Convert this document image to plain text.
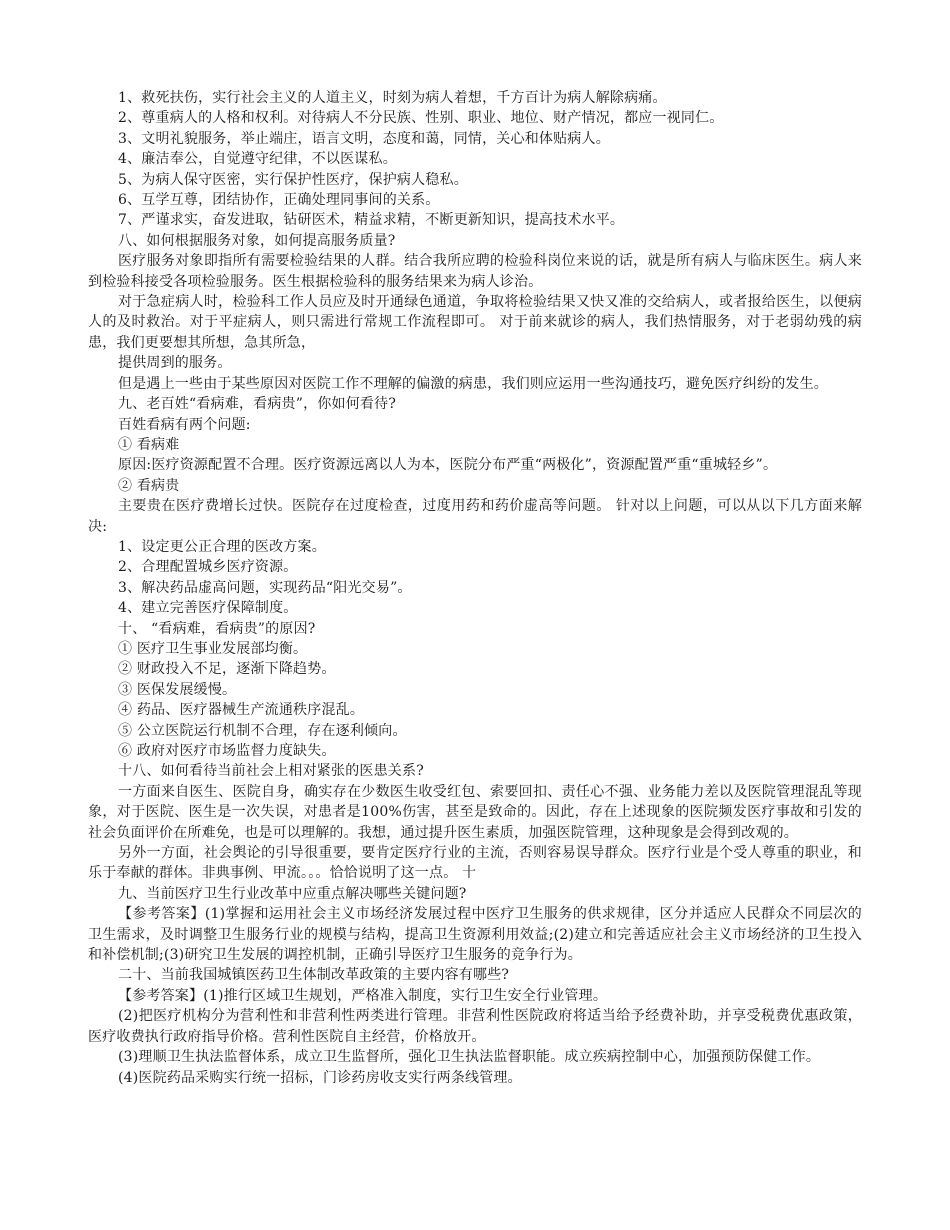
1、救死扶伤，实行社会主义的人道主义，时刻为病人着想，千方百计为病人解除病痛。

2、尊重病人的人格和权利。对待病人不分民族、性别、职业、地位、财产情况，都应一视同仁。

3、文明礼貌服务，举止端庄，语言文明，态度和蔼，同情，关心和体贴病人。

4、廉洁奉公，自觉遵守纪律，不以医谋私。

5、为病人保守医密，实行保护性医疗，保护病人稳私。

6、互学互尊，团结协作，正确处理同事间的关系。

7、严谨求实，奋发进取，钻研医术，精益求精，不断更新知识，提高技术水平。

八、如何根据服务对象，如何提高服务质量?

医疗服务对象即指所有需要检验结果的人群。结合我所应聘的检验科岗位来说的话，就是所有病人与临床医生。病人来到检验科接受各项检验服务。医生根据检验科的服务结果来为病人诊治。

对于急症病人时，检验科工作人员应及时开通绿色通道，争取将检验结果又快又准的交给病人，或者报给医生，以便病人的及时救治。对于平症病人，则只需进行常规工作流程即可。 对于前来就诊的病人，我们热情服务，对于老弱幼残的病患，我们更要想其所想，急其所急，

提供周到的服务。

但是遇上一些由于某些原因对医院工作不理解的偏激的病患，我们则应运用一些沟通技巧，避免医疗纠纷的发生。

九、老百姓“看病难，看病贵”，你如何看待?

百姓看病有两个问题:

① 看病难

原因:医疗资源配置不合理。医疗资源远离以人为本，医院分布严重“两极化”，资源配置严重“重城轻乡”。

② 看病贵

主要贵在医疗费增长过快。医院存在过度检查，过度用药和药价虚高等问题。 针对以上问题，可以从以下几方面来解决:

1、设定更公正合理的医改方案。

2、合理配置城乡医疗资源。

3、解决药品虚高问题，实现药品“阳光交易”。

4、建立完善医疗保障制度。

十、 “看病难，看病贵”的原因?

① 医疗卫生事业发展部均衡。

② 财政投入不足，逐渐下降趋势。

③ 医保发展缓慢。

④ 药品、医疗器械生产流通秩序混乱。

⑤ 公立医院运行机制不合理，存在逐利倾向。

⑥ 政府对医疗市场监督力度缺失。

十八、如何看待当前社会上相对紧张的医患关系?

一方面来自医生、医院自身，确实存在少数医生收受红包、索要回扣、责任心不强、业务能力差以及医院管理混乱等现象，对于医院、医生是一次失误，对患者是100%伤害，甚至是致命的。因此，存在上述现象的医院频发医疗事故和引发的社会负面评价在所难免，也是可以理解的。我想，通过提升医生素质，加强医院管理，这种现象是会得到改观的。

另外一方面，社会舆论的引导很重要，要肯定医疗行业的主流，否则容易误导群众。医疗行业是个受人尊重的职业，和乐于奉献的群体。非典事例、甲流。。。恰恰说明了这一点。 十

九、当前医疗卫生行业改革中应重点解决哪些关键问题?

【参考答案】(1)掌握和运用社会主义市场经济发展过程中医疗卫生服务的供求规律，区分并适应人民群众不同层次的卫生需求，及时调整卫生服务行业的规模与结构，提高卫生资源利用效益;(2)建立和完善适应社会主义市场经济的卫生投入和补偿机制;(3)研究卫生发展的调控机制，正确引导医疗卫生服务的竞争行为。

二十、当前我国城镇医药卫生体制改革政策的主要内容有哪些?

【参考答案】(1)推行区域卫生规划，严格准入制度，实行卫生安全行业管理。

(2)把医疗机构分为营利性和非营利性两类进行管理。非营利性医院政府将适当给予经费补助，并享受税费优惠政策，医疗收费执行政府指导价格。营利性医院自主经营，价格放开。

(3)理顺卫生执法监督体系，成立卫生监督所，强化卫生执法监督职能。成立疾病控制中心，加强预防保健工作。

(4)医院药品采购实行统一招标，门诊药房收支实行两条线管理。
